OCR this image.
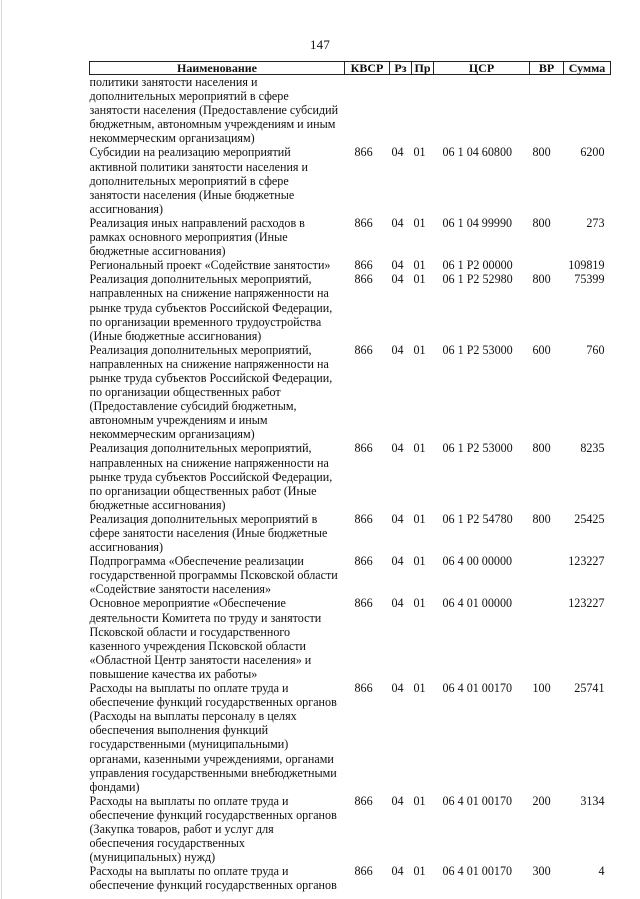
147
Наименование	КВСР	Рз	Пр	ЦСР	ВР	Сумма
политики занятости населения и дополнительных мероприятий в сфере занятости населения (Предоставление субсидий бюджетным, автономным учреждениям и иным некоммерческим организациям)						
Субсидии на реализацию мероприятий активной политики занятости населения и дополнительных мероприятий в сфере занятости населения (Иные бюджетные ассигнования)	866	04	01	06 1 04 60800	800	6200
Реализация иных направлений расходов в рамках основного мероприятия (Иные бюджетные ассигнования)	866	04	01	06 1 04 99990	800	273
Региональный проект «Содействие занятости»	866	04	01	06 1 P2 00000		109819
Реализация дополнительных мероприятий, направленных на снижение напряженности на рынке труда субъектов Российской Федерации, по организации временного трудоустройства (Иные бюджетные ассигнования)	866	04	01	06 1 P2 52980	800	75399
Реализация дополнительных мероприятий, направленных на снижение напряженности на рынке труда субъектов Российской Федерации, по организации общественных работ (Предоставление субсидий бюджетным, автономным учреждениям и иным некоммерческим организациям)	866	04	01	06 1 P2 53000	600	760
Реализация дополнительных мероприятий, направленных на снижение напряженности на рынке труда субъектов Российской Федерации, по организации общественных работ (Иные бюджетные ассигнования)	866	04	01	06 1 P2 53000	800	8235
Реализация дополнительных мероприятий в сфере занятости населения (Иные бюджетные ассигнования)	866	04	01	06 1 P2 54780	800	25425
Подпрограмма «Обеспечение реализации государственной программы Псковской области «Содействие занятости населения»	866	04	01	06 4 00 00000		123227
Основное мероприятие «Обеспечение деятельности Комитета по труду и занятости Псковской области и государственного казенного учреждения Псковской области «Областной Центр занятости населения» и повышение качества их работы»	866	04	01	06 4 01 00000		123227
Расходы на выплаты по оплате труда и обеспечение функций государственных органов (Расходы на выплаты персоналу в целях обеспечения выполнения функций государственными (муниципальными) органами, казенными учреждениями, органами управления государственными внебюджетными фондами)	866	04	01	06 4 01 00170	100	25741
Расходы на выплаты по оплате труда и обеспечение функций государственных органов (Закупка товаров, работ и услуг для обеспечения государственных (муниципальных) нужд)	866	04	01	06 4 01 00170	200	3134
Расходы на выплаты по оплате труда и обеспечение функций государственных органов	866	04	01	06 4 01 00170	300	4
